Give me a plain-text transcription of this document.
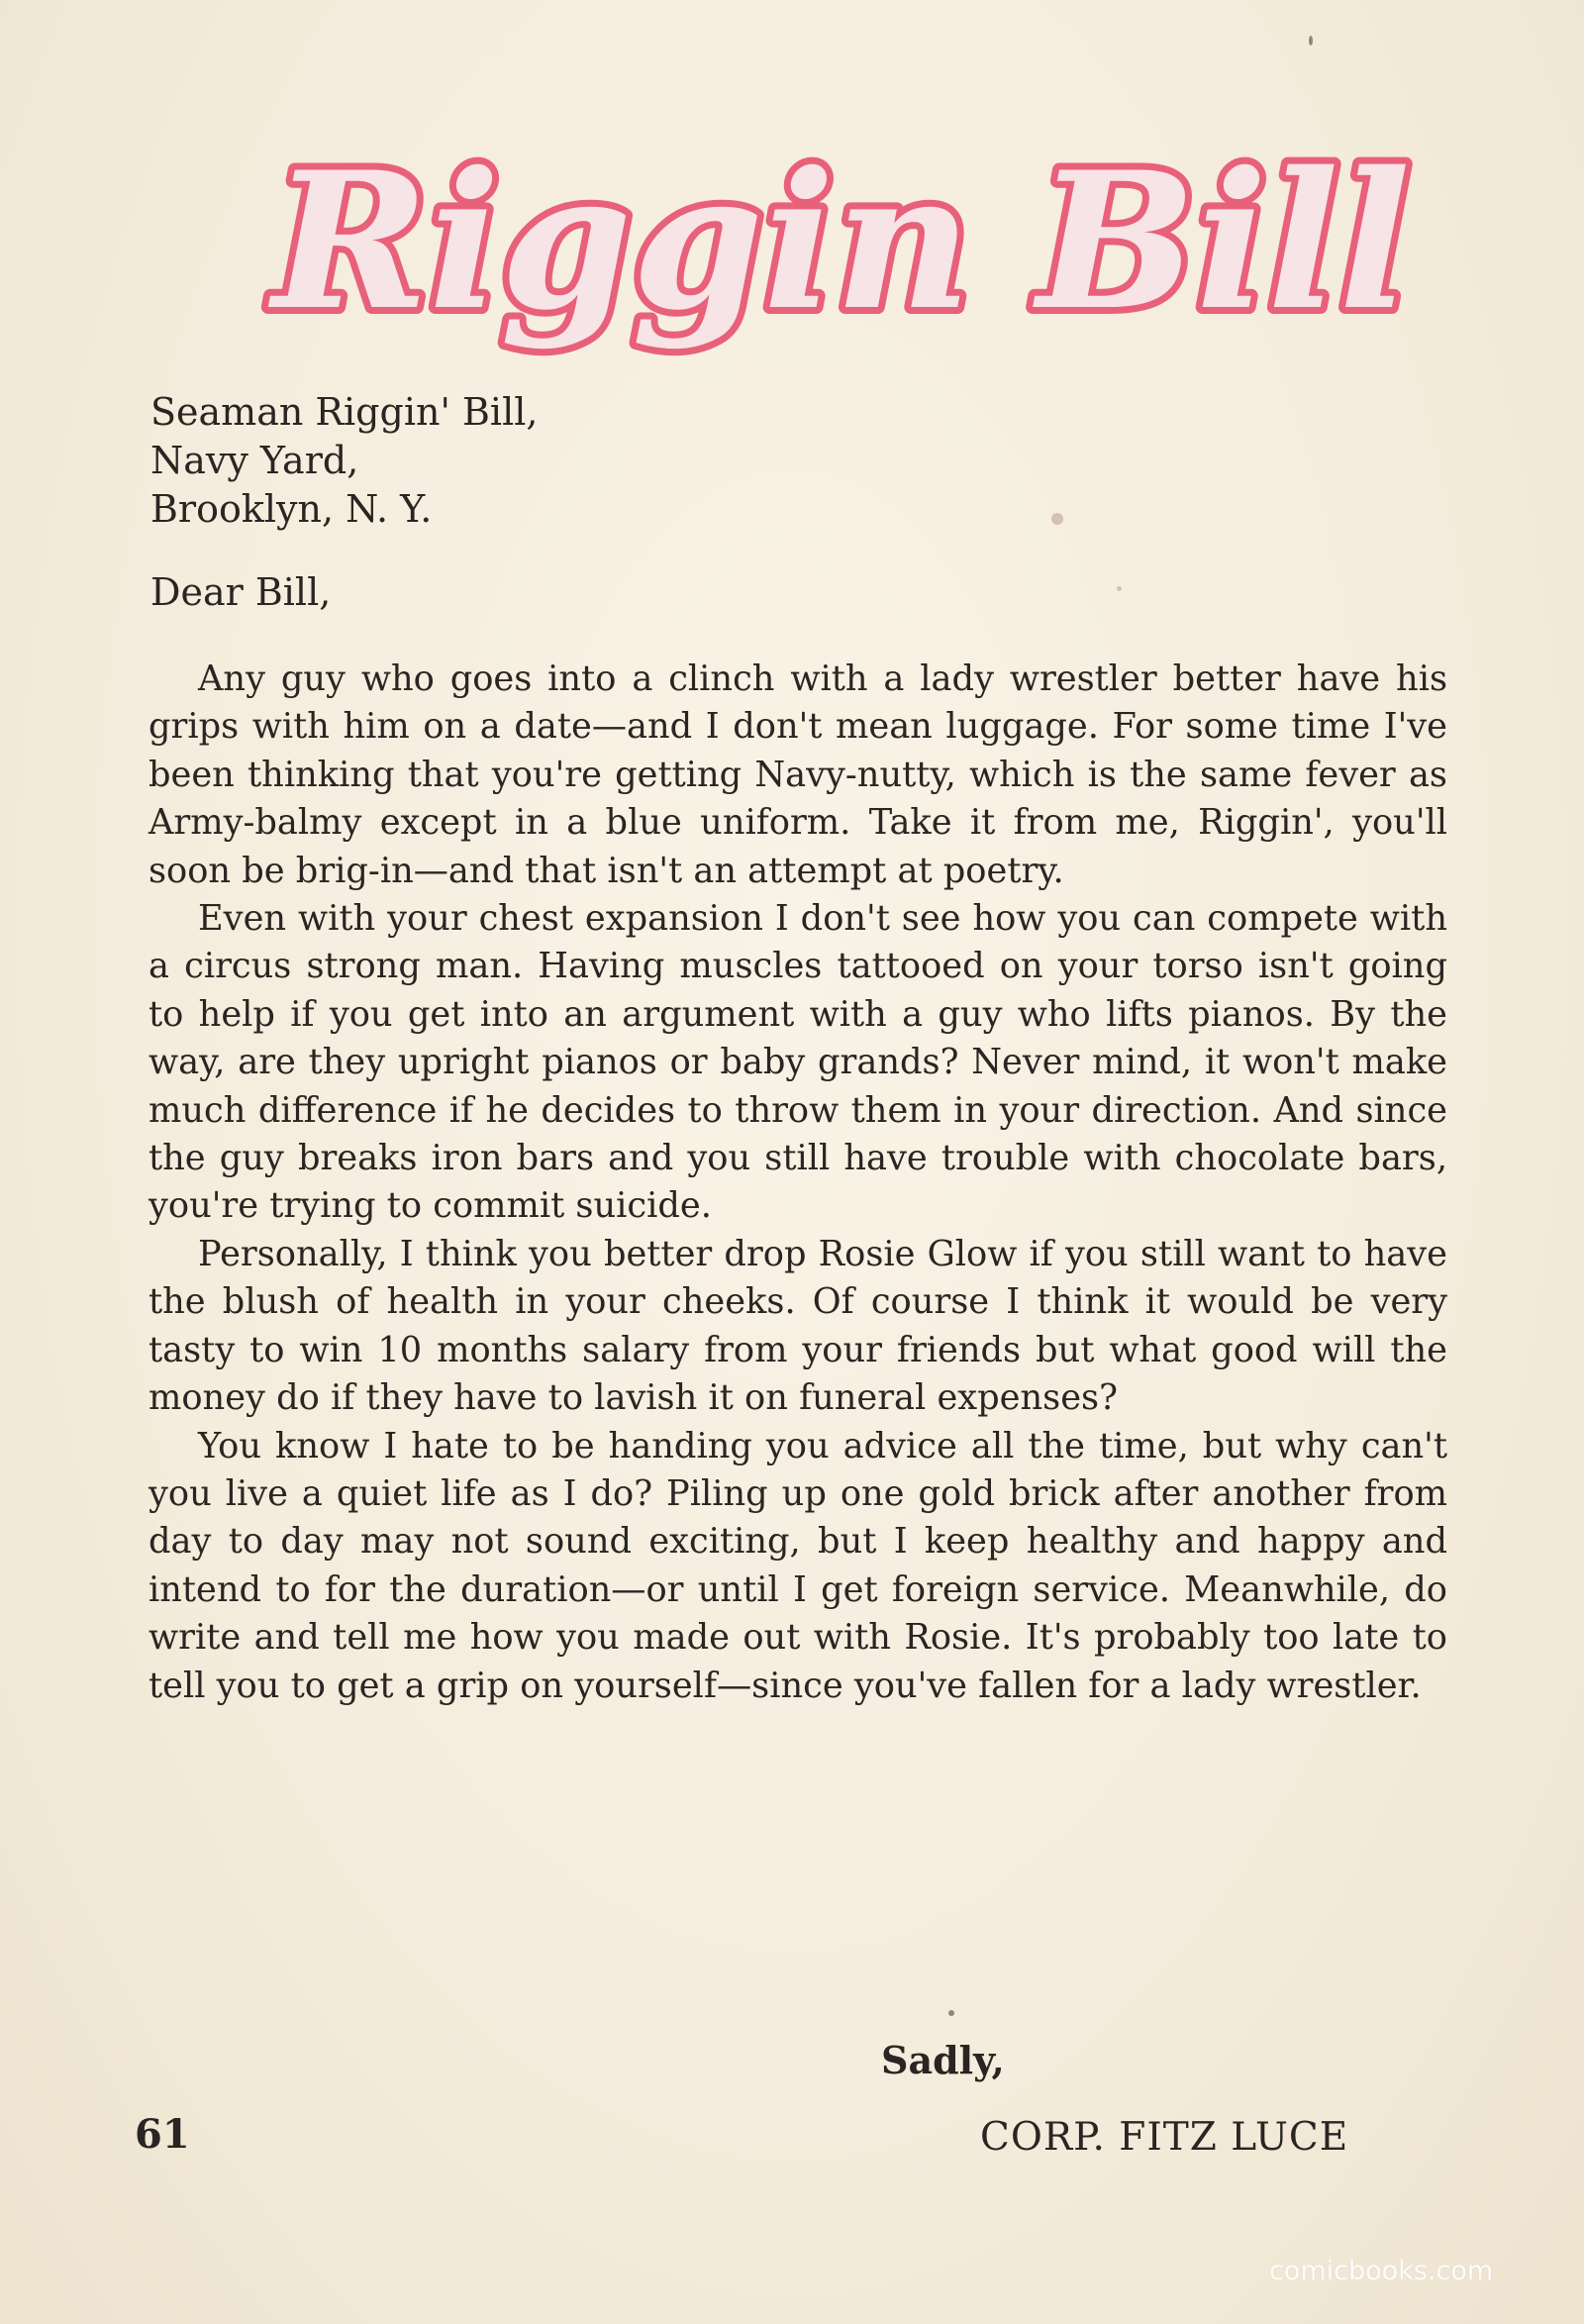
Riggin Bill
Seaman Riggin' Bill,
Navy Yard,
Brooklyn, N. Y.
Dear Bill,

Any guy who goes into a clinch with a lady wrestler better have his grips with him on a date—and I don't mean luggage. For some time I've been thinking that you're getting Navy-nutty, which is the same fever as Army-balmy except in a blue uniform. Take it from me, Riggin', you'll soon be brig-in—and that isn't an attempt at poetry.

Even with your chest expansion I don't see how you can compete with a circus strong man. Having muscles tattooed on your torso isn't going to help if you get into an argument with a guy who lifts pianos. By the way, are they upright pianos or baby grands? Never mind, it won't make much difference if he decides to throw them in your direction. And since the guy breaks iron bars and you still have trouble with chocolate bars, you're trying to commit suicide.

Personally, I think you better drop Rosie Glow if you still want to have the blush of health in your cheeks. Of course I think it would be very tasty to win 10 months salary from your friends but what good will the money do if they have to lavish it on funeral expenses?

You know I hate to be handing you advice all the time, but why can't you live a quiet life as I do? Piling up one gold brick after another from day to day may not sound exciting, but I keep healthy and happy and intend to for the duration—or until I get foreign service. Meanwhile, do write and tell me how you made out with Rosie. It's probably too late to tell you to get a grip on yourself—since you've fallen for a lady wrestler.

Sadly,
61	CORP. FITZ LUCE
comicbooks.com
